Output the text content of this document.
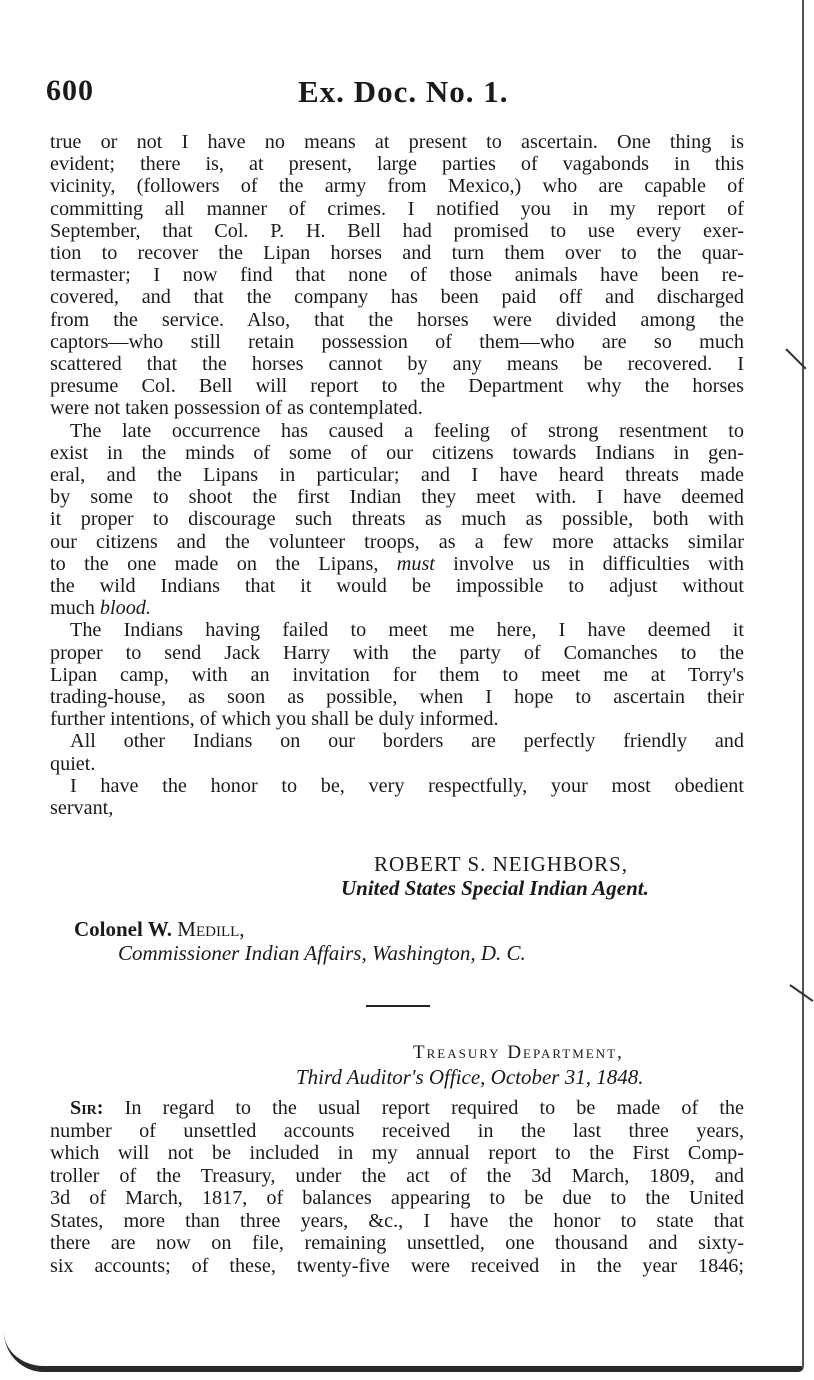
600	Ex. Doc. No. 1.
true or not I have no means at present to ascertain. One thing is
evident; there is, at present, large parties of vagabonds in this
vicinity, (followers of the army from Mexico,) who are capable of
committing all manner of crimes. I notified you in my report of
September, that Col. P. H. Bell had promised to use every exer-
tion to recover the Lipan horses and turn them over to the quar-
termaster; I now find that none of those animals have been re-
covered, and that the company has been paid off and discharged
from the service. Also, that the horses were divided among the
captors—who still retain possession of them—who are so much
scattered that the horses cannot by any means be recovered. I
presume Col. Bell will report to the Department why the horses
were not taken possession of as contemplated.
The late occurrence has caused a feeling of strong resentment to
exist in the minds of some of our citizens towards Indians in gen-
eral, and the Lipans in particular; and I have heard threats made
by some to shoot the first Indian they meet with. I have deemed
it proper to discourage such threats as much as possible, both with
our citizens and the volunteer troops, as a few more attacks similar
to the one made on the Lipans, must involve us in difficulties with
the wild Indians that it would be impossible to adjust without
much blood.
The Indians having failed to meet me here, I have deemed it
proper to send Jack Harry with the party of Comanches to the
Lipan camp, with an invitation for them to meet me at Torry's
trading-house, as soon as possible, when I hope to ascertain their
further intentions, of which you shall be duly informed.
All other Indians on our borders are perfectly friendly and
quiet.
I have the honor to be, very respectfully, your most obedient
servant,
ROBERT S. NEIGHBORS,
United States Special Indian Agent.
Colonel W. Medill,
Commissioner Indian Affairs, Washington, D. C.
Treasury Department,
Third Auditor's Office, October 31, 1848.
Sir: In regard to the usual report required to be made of the
number of unsettled accounts received in the last three years,
which will not be included in my annual report to the First Comp-
troller of the Treasury, under the act of the 3d March, 1809, and
3d of March, 1817, of balances appearing to be due to the United
States, more than three years, &c., I have the honor to state that
there are now on file, remaining unsettled, one thousand and sixty-
six accounts; of these, twenty-five were received in the year 1846;
